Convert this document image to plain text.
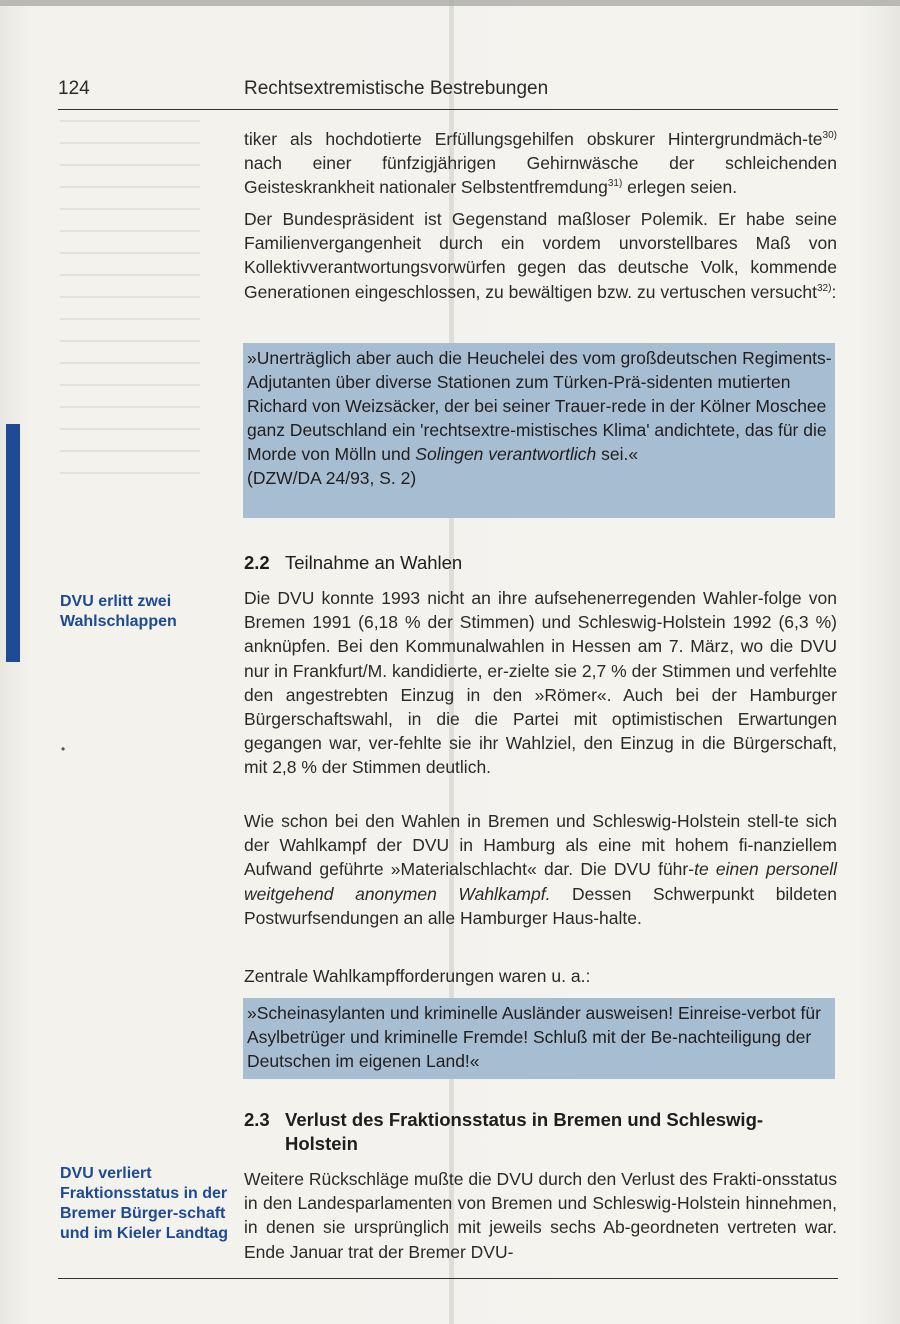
124	Rechtsextremistische Bestrebungen
DVU erlitt zwei Wahlschlappen
•
DVU verliert Fraktionsstatus in der Bremer Bürger-schaft und im Kieler Landtag

tiker als hochdotierte Erfüllungsgehilfen obskurer Hintergrundmäch-$te^{30)}$ nach einer fünfzigjährigen Gehirnwäsche der schleichenden Geisteskrankheit nationaler Selbstentfremdung$^{31)}$ erlegen seien.

Der Bundespräsident ist Gegenstand maßloser Polemik. Er habe seine Familienvergangenheit durch ein vordem unvorstellbares Maß von Kollektivverantwortungsvorwürfen gegen das deutsche Volk, kommende Generationen eingeschlossen, zu bewältigen bzw. zu vertuschen versucht$^{32)}$:

»Unerträglich aber auch die Heuchelei des vom großdeutschen Regiments-Adjutanten über diverse Stationen zum Türken-Prä-sidenten mutierten Richard von Weizsäcker, der bei seiner Trauer-rede in der Kölner Moschee ganz Deutschland ein 'rechtsextre-mistisches Klima' andichtete, das für die Morde von Mölln und Solingen verantwortlich sei.«

(DZW/DA 24/93, S. 2)

2.2 Teilnahme an Wahlen

Die DVU konnte 1993 nicht an ihre aufsehenerregenden Wahler-folge von Bremen 1991 (6,18 % der Stimmen) und Schleswig-Holstein 1992 (6,3 %) anknüpfen. Bei den Kommunalwahlen in Hessen am 7. März, wo die DVU nur in Frankfurt/M. kandidierte, er-zielte sie 2,7 % der Stimmen und verfehlte den angestrebten Einzug in den »Römer«. Auch bei der Hamburger Bürgerschaftswahl, in die die Partei mit optimistischen Erwartungen gegangen war, ver-fehlte sie ihr Wahlziel, den Einzug in die Bürgerschaft, mit 2,8 % der Stimmen deutlich.

Wie schon bei den Wahlen in Bremen und Schleswig-Holstein stell-te sich der Wahlkampf der DVU in Hamburg als eine mit hohem fi-nanziellem Aufwand geführte »Materialschlacht« dar. Die DVU führ-te einen personell weitgehend anonymen Wahlkampf. Dessen Schwerpunkt bildeten Postwurfsendungen an alle Hamburger Haus-halte.

Zentrale Wahlkampfforderungen waren u. a.:

»Scheinasylanten und kriminelle Ausländer ausweisen! Einreise-verbot für Asylbetrüger und kriminelle Fremde! Schluß mit der Be-nachteiligung der Deutschen im eigenen Land!«

2.3 Verlust des Fraktionsstatus in Bremen und Schleswig-Holstein

Weitere Rückschläge mußte die DVU durch den Verlust des Frakti-onsstatus in den Landesparlamenten von Bremen und Schleswig-Holstein hinnehmen, in denen sie ursprünglich mit jeweils sechs Ab-geordneten vertreten war. Ende Januar trat der Bremer DVU-
